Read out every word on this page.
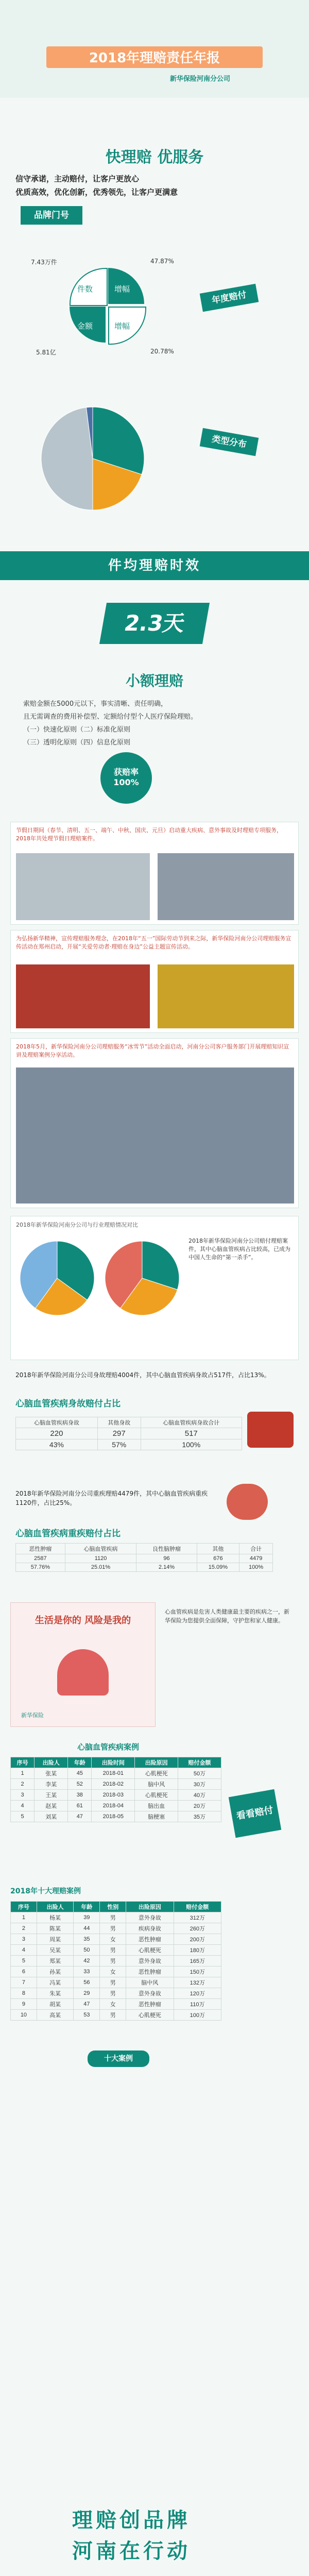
2018年理赔责任年报
新华保险河南分公司
快理赔 优服务
信守承诺，主动赔付，让客户更放心
优质高效，优化创新，优秀领先，让客户更满意
品牌门号
件数	增幅
金额	增幅
7.43万件	47.87%
5.81亿	20.78%
年度赔付
类型分布
件均理赔时效
2.3天
小额理赔
索赔金额在5000元以下，事实清晰、责任明确，
且无需调查的费用补偿型、定额给付型个人医疗保险理赔。
（一）快速化原则（二）标准化原则
（三）透明化原则（四）信息化原则
获赔率
100%
节假日期间（春节、清明、五一、端午、中秋、国庆、元旦）启动重大疾病、意外事故及时理赔专项服务，2018年共处理节假日理赔案件。
为弘扬新华精神，宣传理赔服务理念，在2018年“五一”国际劳动节到来之际，新华保险河南分公司理赔服务宣传活动在郑州启动，开展“关爱劳动者·理赔在身边”公益主题宣传活动。
2018年5月，新华保险河南分公司理赔服务“冰雪节”活动全面启动，河南分公司客户服务部门开展理赔知识宣讲及理赔案例分享活动。
2018年新华保险河南分公司与行业理赔情况对比
2018年新华保险河南分公司赔付理赔案件，其中心脑血管疾病占比较高，已成为中国人生命的“第一杀手”。
2018年新华保险河南分公司身故理赔4004件，其中心脑血管疾病身故占517件，占比13%。
心脑血管疾病身故赔付占比
心脑血管疾病身故	其他身故	心脑血管疾病身故合计
220	297	517
43%	57%	100%
2018年新华保险河南分公司重疾理赔4479件，其中心脑血管疾病重疾1120件，占比25%。
心脑血管疾病重疾赔付占比
恶性肿瘤	心脑血管疾病	良性脑肿瘤	其他	合计
2587	1120	96	676	4479
57.76%	25.01%	2.14%	15.09%	100%
生活是你的 风险是我的
新华保险
心血管疾病是危害人类健康最主要的疾病之一，新华保险为您提供全面保障，守护您和家人健康。
心脑血管疾病案例
序号	出险人	年龄	出险时间	出险原因	赔付金额
1	张某	45	2018-01	心肌梗死	50万
2	李某	52	2018-02	脑中风	30万
3	王某	38	2018-03	心肌梗死	40万
4	赵某	61	2018-04	脑出血	20万
5	刘某	47	2018-05	脑梗塞	35万	看看赔付
2018年十大理赔案例
序号	出险人	年龄	性别	出险原因	赔付金额
1	杨某	39	男	意外身故	312万
2	陈某	44	男	疾病身故	260万
3	周某	35	女	恶性肿瘤	200万
4	吴某	50	男	心肌梗死	180万
5	郑某	42	男	意外身故	165万
6	孙某	33	女	恶性肿瘤	150万
7	冯某	56	男	脑中风	132万
8	朱某	29	男	意外身故	120万
9	胡某	47	女	恶性肿瘤	110万
10	高某	53	男	心肌梗死	100万
十大案例
理赔创品牌
河南在行动
